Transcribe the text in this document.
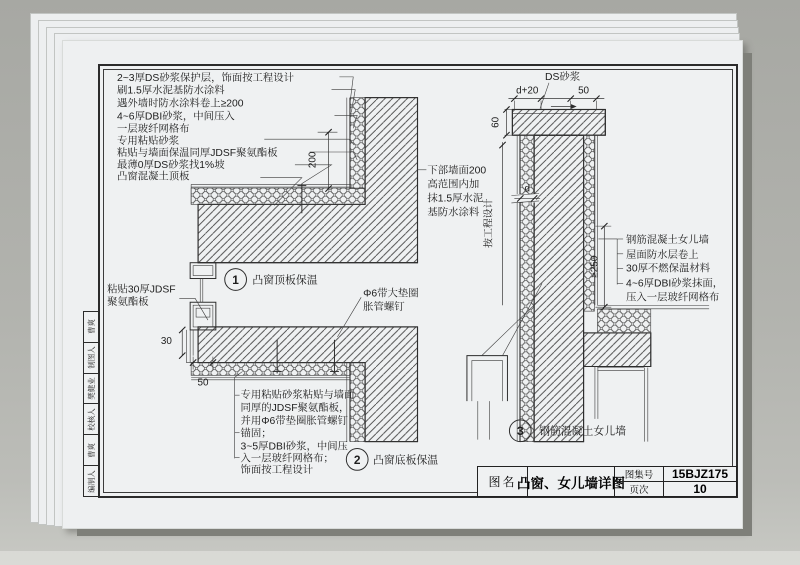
200
30
50
2~3厚DS砂浆保护层，饰面按工程设计
刷1.5厚水泥基防水涂料
遇外墙时防水涂料卷上≥200
4~6厚DBI砂浆，中间压入
一层玻纤网格布
专用粘贴砂浆
粘贴与墙面保温同厚JDSF聚氨酯板
最薄0厚DS砂浆找1%坡
凸窗混凝土顶板
粘贴30厚JDSF
聚氨酯板
1 凸窗顶板保温
专用粘贴砂浆粘贴与墙面
同厚的JDSF聚氨酯板，
并用Φ6带垫圈胀管螺钉
锚固；
3~5厚DBI砂浆，中间压
入一层玻纤网格布；
饰面按工程设计
Φ6带大垫圈
胀管螺钉
下部墙面200
高范围内加
抹1.5厚水泥
基防水涂料
2 凸窗底板保温
d+20	50
60
d
按工程设计
≥250
DS砂浆
钢筋混凝土女儿墙
屋面防水层卷上
30厚不燃保温材料
4~6厚DBI砂浆抹面，
压入一层玻纤网格布
3 钢筋混凝土女儿墙
图名 凸窗、女儿墙详图 图集号	15BJZ175
页次	10
曹爽
制图人
樊健业
校核人
曹爽
编制人
